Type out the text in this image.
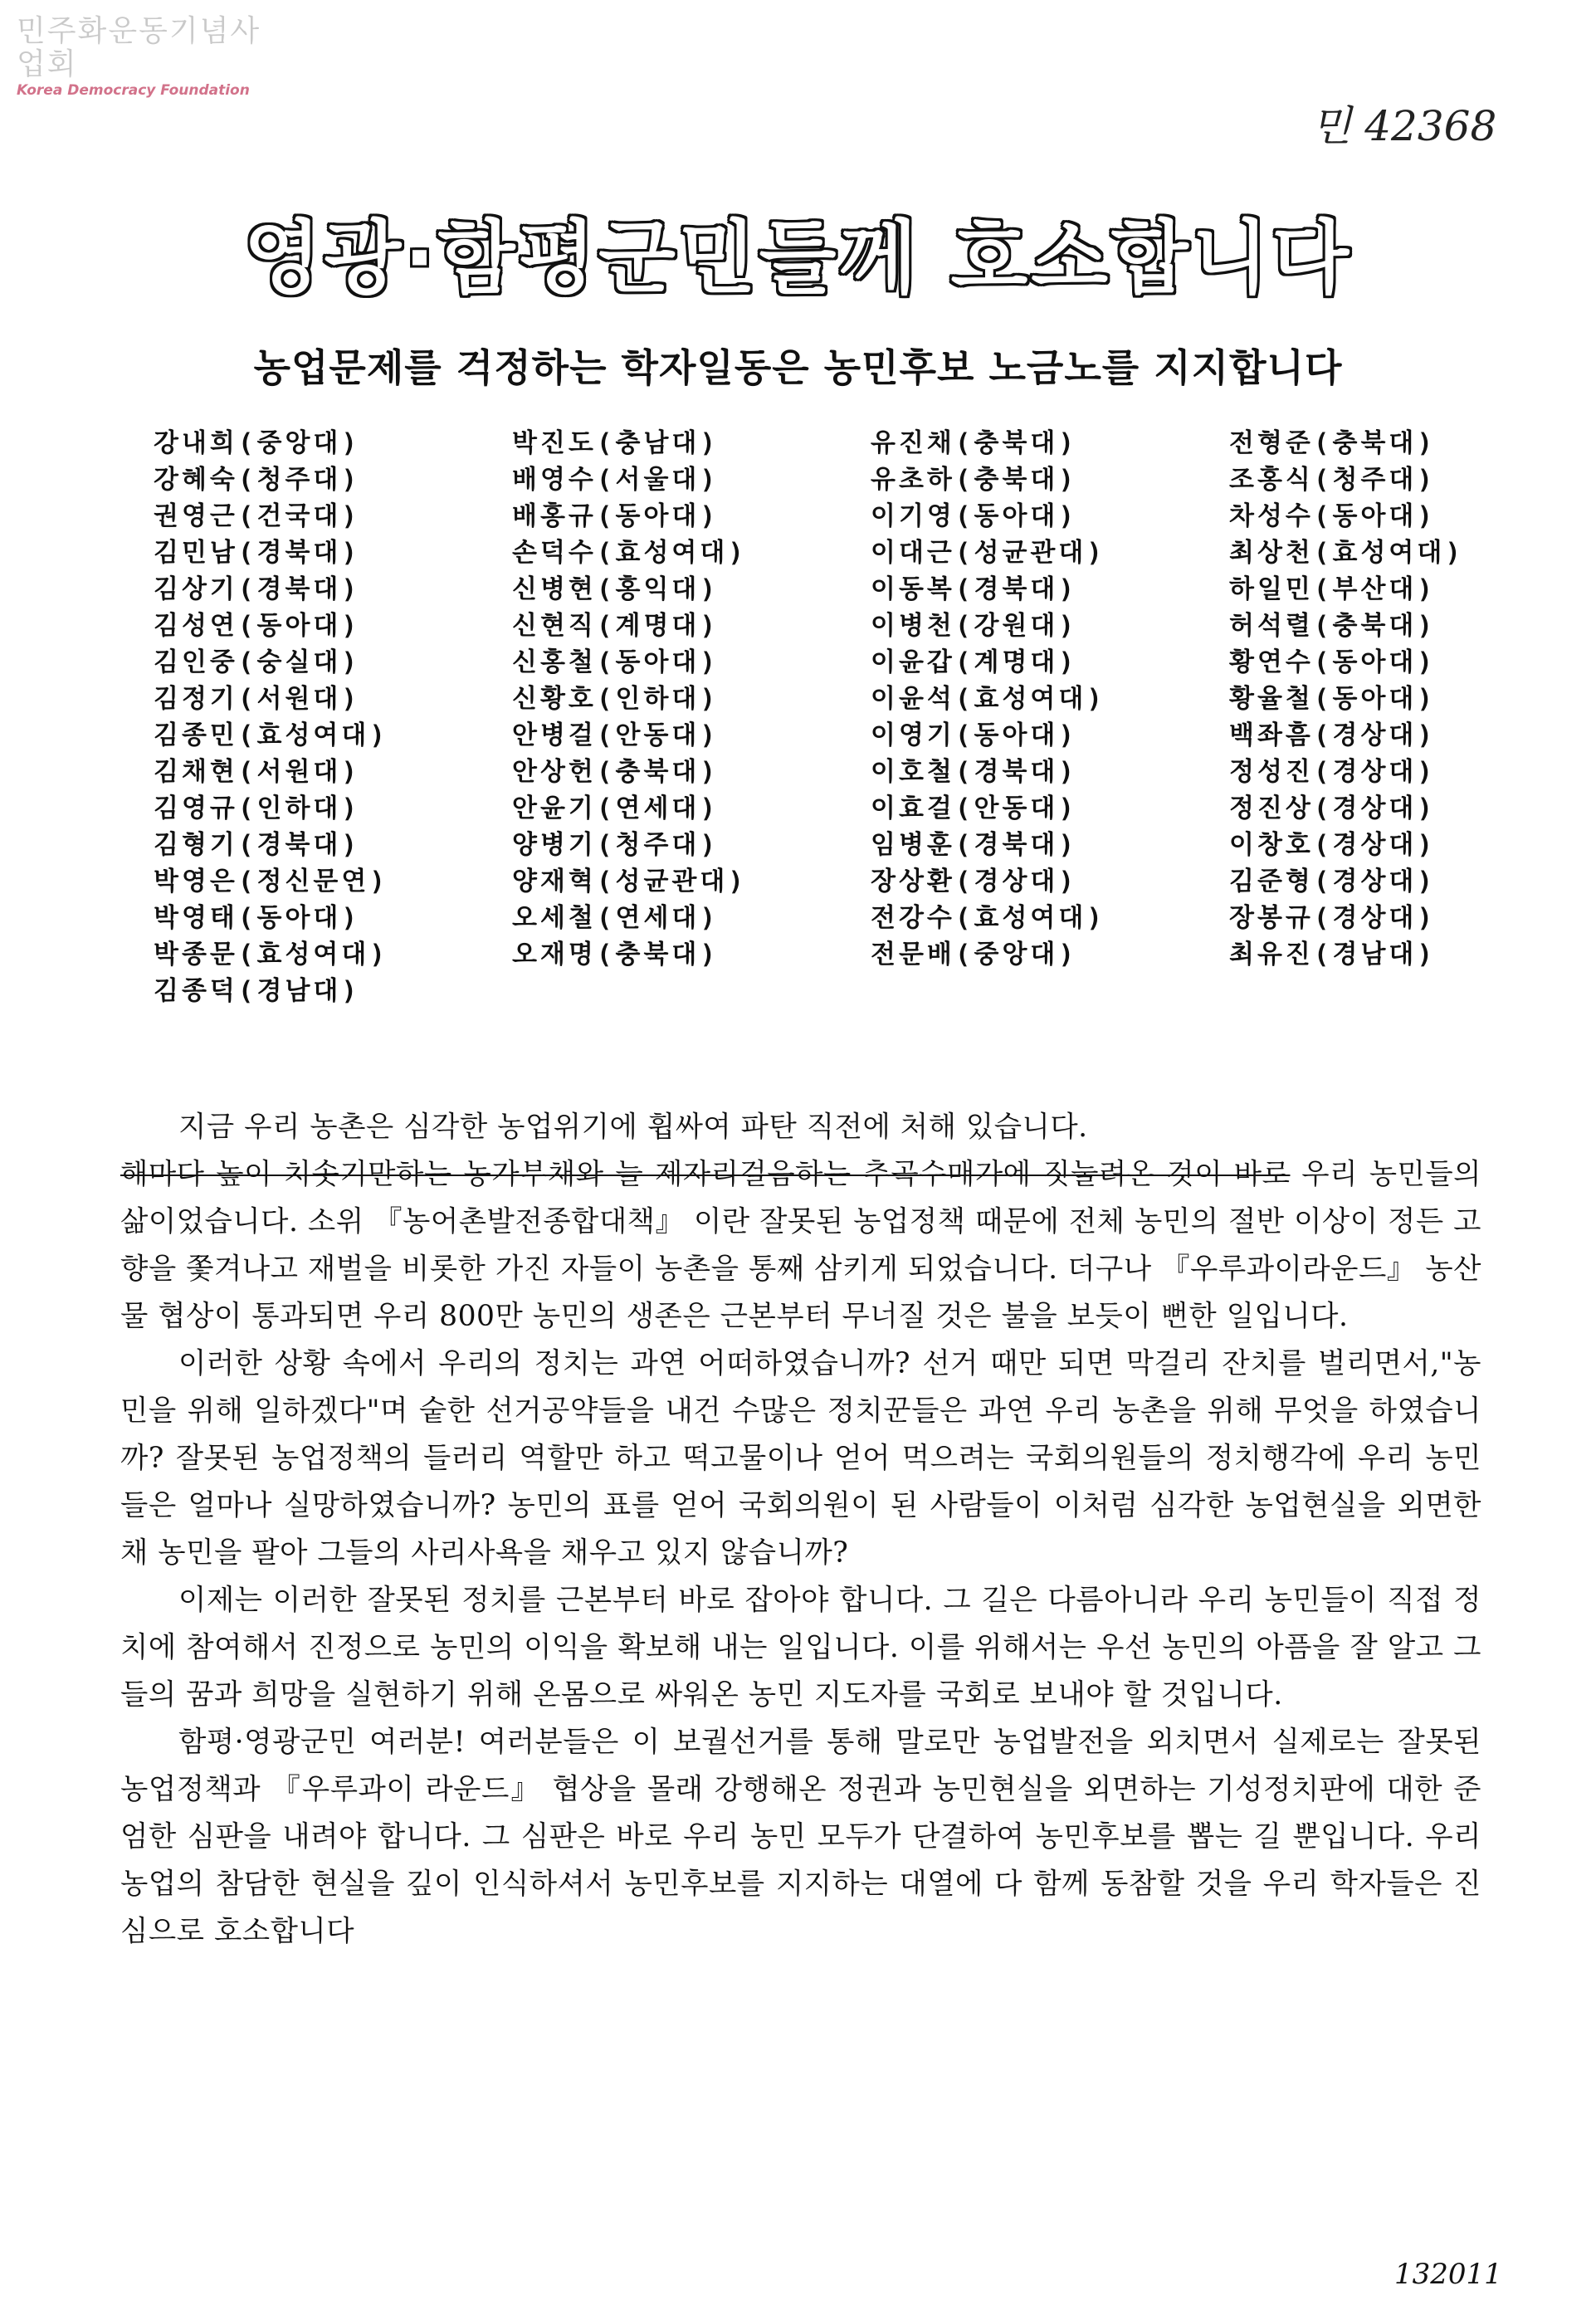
민주화운동기념사업회
Korea Democracy Foundation
민 42368
영광·함평군민들께 호소합니다
농업문제를 걱정하는 학자일동은 농민후보 노금노를 지지합니다
강내희(중앙대)
강혜숙(청주대)
권영근(건국대)
김민남(경북대)
김상기(경북대)
김성연(동아대)
김인중(숭실대)
김정기(서원대)
김종민(효성여대)
김채현(서원대)
김영규(인하대)
김형기(경북대)
박영은(정신문연)
박영태(동아대)
박종문(효성여대)
김종덕(경남대)
박진도(충남대)
배영수(서울대)
배홍규(동아대)
손덕수(효성여대)
신병현(홍익대)
신현직(계명대)
신홍철(동아대)
신황호(인하대)
안병걸(안동대)
안상헌(충북대)
안윤기(연세대)
양병기(청주대)
양재혁(성균관대)
오세철(연세대)
오재명(충북대)
유진채(충북대)
유초하(충북대)
이기영(동아대)
이대근(성균관대)
이동복(경북대)
이병천(강원대)
이윤갑(계명대)
이윤석(효성여대)
이영기(동아대)
이호철(경북대)
이효걸(안동대)
임병훈(경북대)
장상환(경상대)
전강수(효성여대)
전문배(중앙대)
전형준(충북대)
조홍식(청주대)
차성수(동아대)
최상천(효성여대)
하일민(부산대)
허석렬(충북대)
황연수(동아대)
황율철(동아대)
백좌흠(경상대)
정성진(경상대)
정진상(경상대)
이창호(경상대)
김준형(경상대)
장봉규(경상대)
최유진(경남대)

지금 우리 농촌은 심각한 농업위기에 휩싸여 파탄 직전에 처해 있습니다.
해마다 높이 치솟기만하는 농가부채와 늘 제자리걸음하는 추곡수매가에 짓눌려온 것이 바로 우리 농민들의 삶이었습니다. 소위 『농어촌발전종합대책』 이란 잘못된 농업정책 때문에 전체 농민의 절반 이상이 정든 고향을 쫓겨나고 재벌을 비롯한 가진 자들이 농촌을 통째 삼키게 되었습니다. 더구나 『우루과이라운드』 농산물 협상이 통과되면 우리 800만 농민의 생존은 근본부터 무너질 것은 불을 보듯이 뻔한 일입니다.

이러한 상황 속에서 우리의 정치는 과연 어떠하였습니까? 선거 때만 되면 막걸리 잔치를 벌리면서,"농민을 위해 일하겠다"며 숱한 선거공약들을 내건 수많은 정치꾼들은 과연 우리 농촌을 위해 무엇을 하였습니까? 잘못된 농업정책의 들러리 역할만 하고 떡고물이나 얻어 먹으려는 국회의원들의 정치행각에 우리 농민들은 얼마나 실망하였습니까? 농민의 표를 얻어 국회의원이 된 사람들이 이처럼 심각한 농업현실을 외면한 채 농민을 팔아 그들의 사리사욕을 채우고 있지 않습니까?

이제는 이러한 잘못된 정치를 근본부터 바로 잡아야 합니다. 그 길은 다름아니라 우리 농민들이 직접 정치에 참여해서 진정으로 농민의 이익을 확보해 내는 일입니다. 이를 위해서는 우선 농민의 아픔을 잘 알고 그들의 꿈과 희망을 실현하기 위해 온몸으로 싸워온 농민 지도자를 국회로 보내야 할 것입니다.

함평·영광군민 여러분! 여러분들은 이 보궐선거를 통해 말로만 농업발전을 외치면서 실제로는 잘못된 농업정책과 『우루과이 라운드』 협상을 몰래 강행해온 정권과 농민현실을 외면하는 기성정치판에 대한 준엄한 심판을 내려야 합니다. 그 심판은 바로 우리 농민 모두가 단결하여 농민후보를 뽑는 길 뿐입니다. 우리 농업의 참담한 현실을 깊이 인식하셔서 농민후보를 지지하는 대열에 다 함께 동참할 것을 우리 학자들은 진심으로 호소합니다

132011
